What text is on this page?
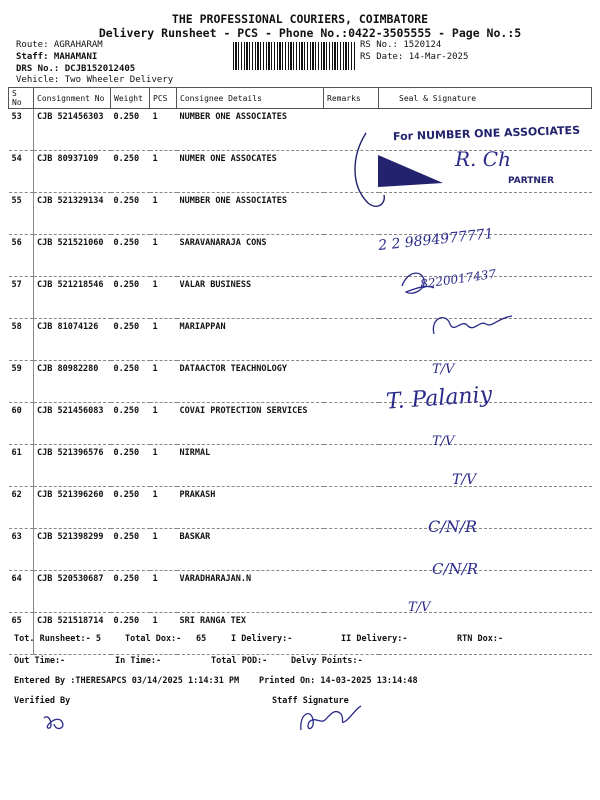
THE PROFESSIONAL COURIERS, COIMBATORE
Delivery Runsheet - PCS - Phone No.:0422-3505555 - Page No.:5
Route: AGRAHARAM
Staff: MAHAMANI
DRS No.: DCJB152012405
Vehicle: Two Wheeler Delivery
RS No.: 1520124
RS Date: 14-Mar-2025
S No	Consignment No	Weight	PCS	Consignee Details	Remarks	Seal & Signature
53	CJB 521456303	0.250	1	NUMBER ONE ASSOCIATES		
54	CJB 80937109	0.250	1	NUMER ONE ASSOCATES		
55	CJB 521329134	0.250	1	NUMBER ONE ASSOCIATES		
56	CJB 521521060	0.250	1	SARAVANARAJA CONS		
57	CJB 521218546	0.250	1	VALAR BUSINESS		
58	CJB 81074126	0.250	1	MARIAPPAN		
59	CJB 80982280	0.250	1	DATAACTOR TEACHNOLOGY		
60	CJB 521456083	0.250	1	COVAI PROTECTION SERVICES		
61	CJB 521396576	0.250	1	NIRMAL		
62	CJB 521396260	0.250	1	PRAKASH		
63	CJB 521398299	0.250	1	BASKAR		
64	CJB 520530687	0.250	1	VARADHARAJAN.N		
65	CJB 521518714	0.250	1	SRI RANGA TEX		
For NUMBER ONE ASSOCIATES
PARTNER
R. Ch
2 2 9894977771
8220017437
T/V
T. Palaniy
T/V
T/V
C/N/R
C/N/R
T/V
Tot. Runsheet:- 5	Total Dox:- 65	I Delivery:-	II Delivery:-	RTN Dox:-
Out Time:-	In Time:-	Total POD:-	Delvy Points:-
Entered By :THERESAPCS 03/14/2025 1:14:31 PM Printed On: 14-03-2025 13:14:48
Verified By	Staff Signature
